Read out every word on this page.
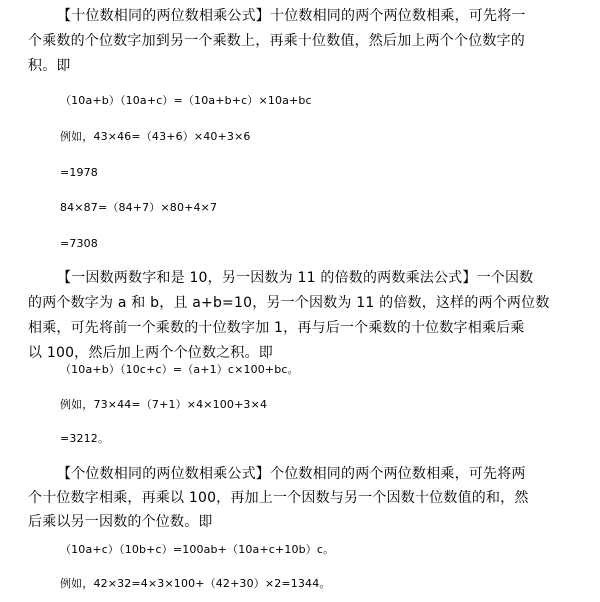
【十位数相同的两位数相乘公式】十位数相同的两个两位数相乘，可先将一
个乘数的个位数字加到另一个乘数上，再乘十位数值，然后加上两个个位数字的
积。即
（10a+b）（10a+c）=（10a+b+c）×10a+bc
例如，43×46=（43+6）×40+3×6
=1978
84×87=（84+7）×80+4×7
=7308
【一因数两数字和是 10，另一因数为 11 的倍数的两数乘法公式】一个因数
的两个数字为 a 和 b，且 a+b=10，另一个因数为 11 的倍数，这样的两个两位数
相乘，可先将前一个乘数的十位数字加 1，再与后一个乘数的十位数字相乘后乘
以 100，然后加上两个个位数之积。即
（10a+b）（10c+c）=（a+1）c×100+bc。
例如，73×44=（7+1）×4×100+3×4
=3212。
【个位数相同的两位数相乘公式】个位数相同的两个两位数相乘，可先将两
个十位数字相乘，再乘以 100，再加上一个因数与另一个因数十位数值的和，然
后乘以另一因数的个位数。即
（10a+c）（10b+c）=100ab+（10a+c+10b）c。
例如，42×32=4×3×100+（42+30）×2=1344。
